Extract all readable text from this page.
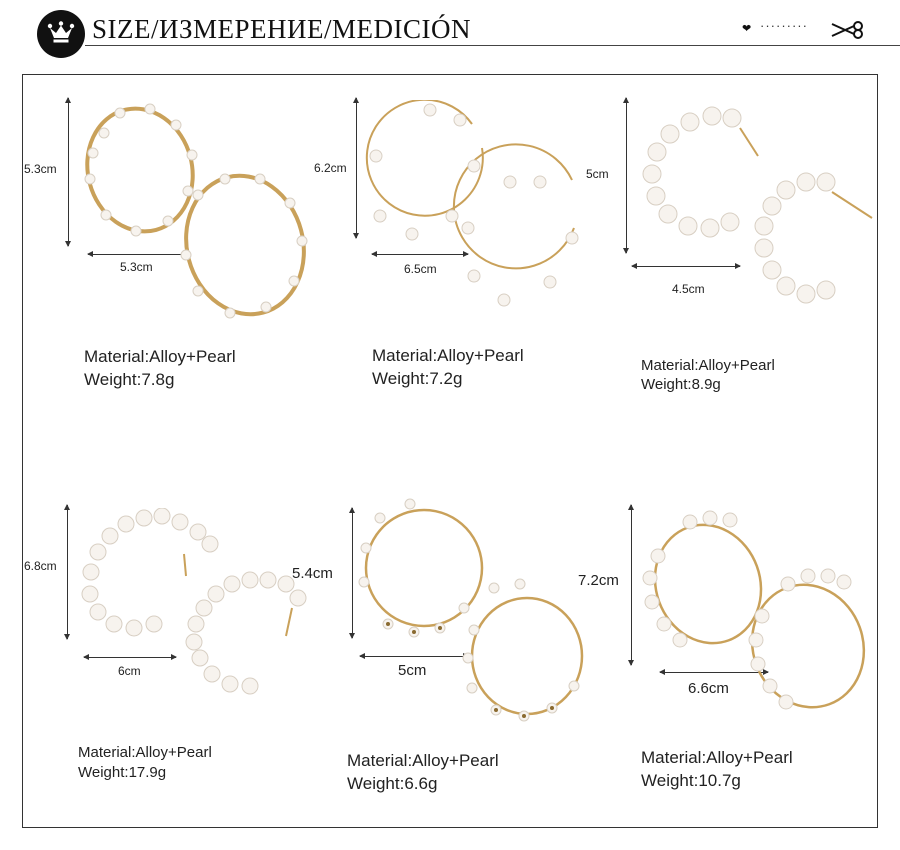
SIZE/ИЗМЕРЕНИЕ/MEDICIÓN	❤ ·········
5.3cm
5.3cm
Material:Alloy+Pearl
Weight:7.8g
6.2cm
6.5cm
Material:Alloy+Pearl
Weight:7.2g
5cm
4.5cm
Material:Alloy+Pearl
Weight:8.9g
6.8cm
6cm
Material:Alloy+Pearl
Weight:17.9g
5.4cm
5cm
Material:Alloy+Pearl
Weight:6.6g
7.2cm
6.6cm
Material:Alloy+Pearl
Weight:10.7g
